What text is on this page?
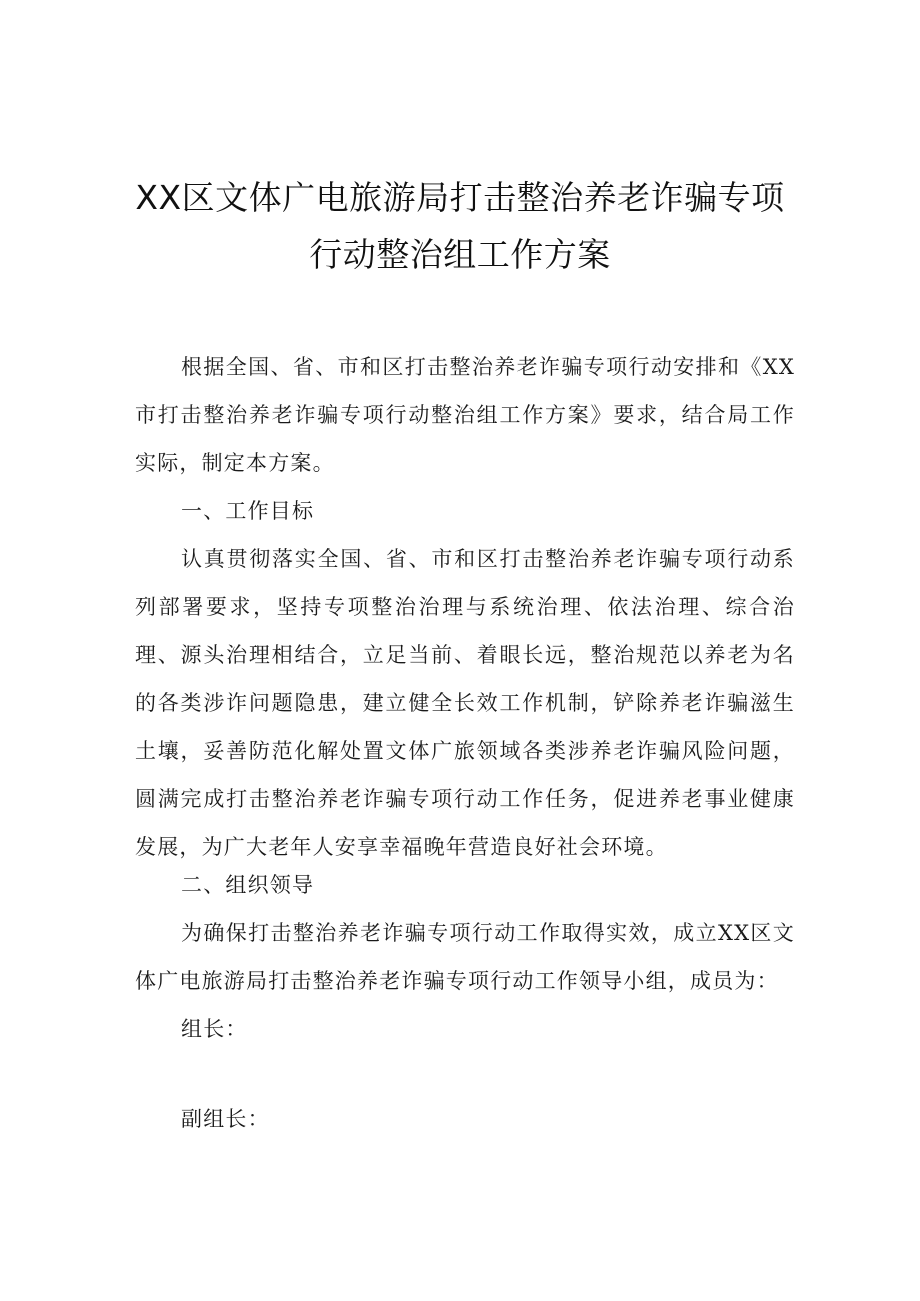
XX区文体广电旅游局打击整治养老诈骗专项
行动整治组工作方案
根据全国、省、市和区打击整治养老诈骗专项行动安排和《XX市打击整治养老诈骗专项行动整治组工作方案》要求，结合局工作实际，制定本方案。
一、工作目标
认真贯彻落实全国、省、市和区打击整治养老诈骗专项行动系列部署要求，坚持专项整治治理与系统治理、依法治理、综合治理、源头治理相结合，立足当前、着眼长远，整治规范以养老为名的各类涉诈问题隐患，建立健全长效工作机制，铲除养老诈骗滋生土壤，妥善防范化解处置文体广旅领域各类涉养老诈骗风险问题，圆满完成打击整治养老诈骗专项行动工作任务，促进养老事业健康发展，为广大老年人安享幸福晚年营造良好社会环境。
二、组织领导
为确保打击整治养老诈骗专项行动工作取得实效，成立XX区文体广电旅游局打击整治养老诈骗专项行动工作领导小组，成员为：
组长：
副组长：
